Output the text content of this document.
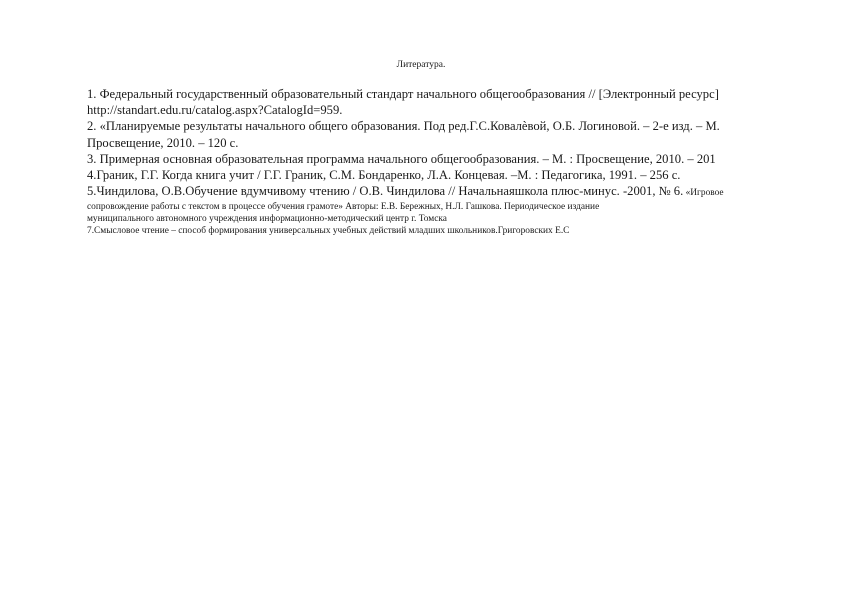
Литература.

1. Федеральный государственный образовательный стандарт начального общегообразования // [Электронный ресурс]
http://standart.edu.ru/catalog.aspx?CatalogId=959.

2. «Планируемые результаты начального общего образования. Под ред.Г.С.Ковалѐвой, О.Б. Логиновой. – 2-е изд. – М.
Просвещение, 2010. – 120 с.

3. Примерная основная образовательная программа начального общегообразования. – М. : Просвещение, 2010. – 201

4.Граник, Г.Г. Когда книга учит / Г.Г. Граник, С.М. Бондаренко, Л.А. Концевая. –М. : Педагогика, 1991. – 256 с.

5.Чиндилова, О.В.Обучение вдумчивому чтению / О.В. Чиндилова // Начальнаяшкола плюс-минус. -2001, № 6. «Игровое
сопровождение работы с текстом в процессе обучения грамоте» Авторы: Е.В. Бережных, Н.Л. Гашкова. Периодическое издание
муниципального автономного учреждения информационно-методический центр г. Томска

7.Смысловое чтение – способ формирования универсальных учебных действий младших школьников.Григоровских Е.С
